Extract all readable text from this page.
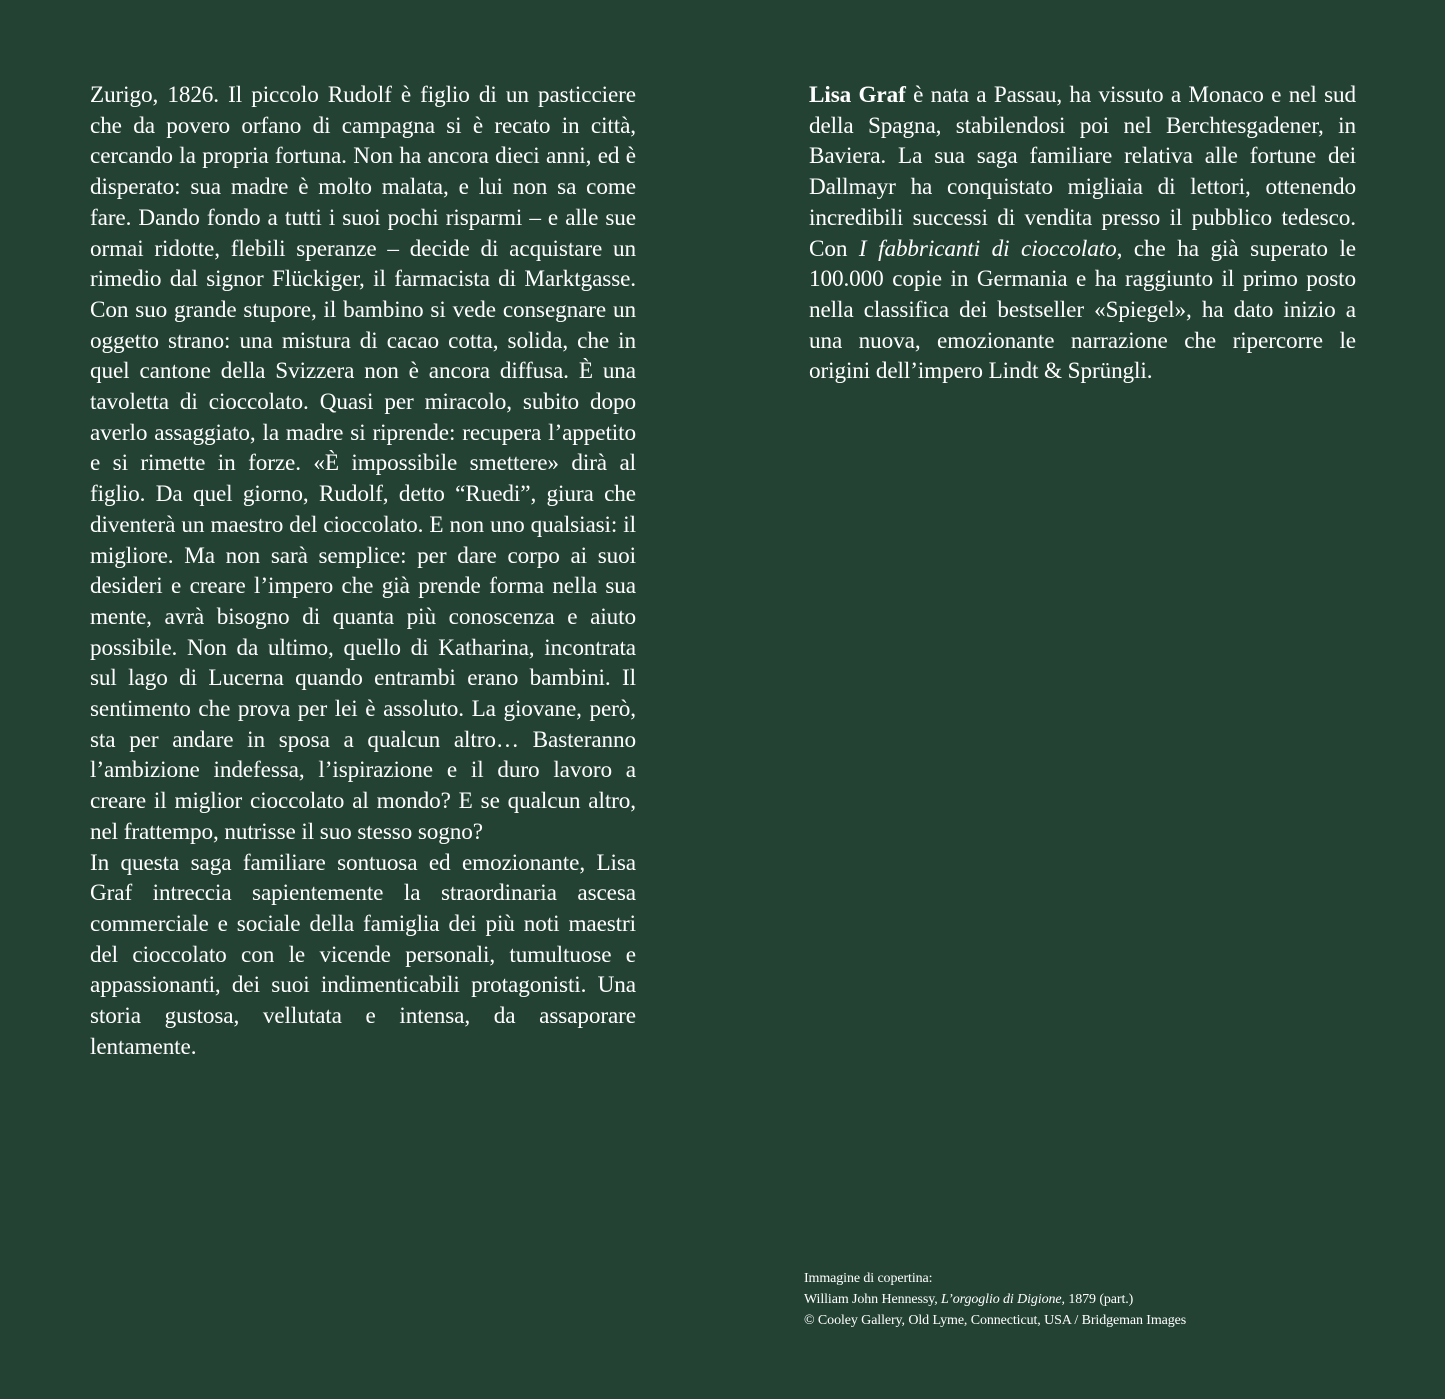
Zurigo, 1826. Il piccolo Rudolf è figlio di un pasticciere che da povero orfano di campagna si è recato in città, cercando la propria fortuna. Non ha ancora dieci anni, ed è disperato: sua madre è molto malata, e lui non sa come fare. Dando fondo a tutti i suoi pochi risparmi – e alle sue ormai ridotte, flebili speranze – decide di acquistare un rimedio dal signor Flückiger, il farmacista di Marktgasse. Con suo grande stupore, il bambino si vede consegnare un oggetto strano: una mistura di cacao cotta, solida, che in quel cantone della Svizzera non è ancora diffusa. È una tavoletta di cioccolato. Quasi per miracolo, subito dopo averlo assaggiato, la madre si riprende: recupera l’appetito e si rimette in forze. «È impossibile smettere» dirà al figlio. Da quel giorno, Rudolf, detto “Ruedi”, giura che diventerà un maestro del cioccolato. E non uno qualsiasi: il migliore. Ma non sarà semplice: per dare corpo ai suoi desideri e creare l’impero che già prende forma nella sua mente, avrà bisogno di quanta più conoscenza e aiuto possibile. Non da ultimo, quello di Katharina, incontrata sul lago di Lucerna quando entrambi erano bambini. Il sentimento che prova per lei è assoluto. La giovane, però, sta per andare in sposa a qualcun altro… Basteranno l’ambizione indefessa, l’ispirazione e il duro lavoro a creare il miglior cioccolato al mondo? E se qualcun altro, nel frattempo, nutrisse il suo stesso sogno?

In questa saga familiare sontuosa ed emozionante, Lisa Graf intreccia sapientemente la straordinaria ascesa commerciale e sociale della famiglia dei più noti maestri del cioccolato con le vicende personali, tumultuose e appassionanti, dei suoi indimenticabili protagonisti. Una storia gustosa, vellutata e intensa, da assaporare lentamente.

Lisa Graf è nata a Passau, ha vissuto a Monaco e nel sud della Spagna, stabilendosi poi nel Berchtesgadener, in Baviera. La sua saga familiare relativa alle fortune dei Dallmayr ha conquistato migliaia di lettori, ottenendo incredibili successi di vendita presso il pubblico tedesco. Con I fabbricanti di cioccolato, che ha già superato le 100.000 copie in Germania e ha raggiunto il primo posto nella classifica dei bestseller «Spiegel», ha dato inizio a una nuova, emozionante narrazione che ripercorre le origini dell’impero Lindt & Sprüngli.

Immagine di copertina:
William John Hennessy, L’orgoglio di Digione, 1879 (part.)
© Cooley Gallery, Old Lyme, Connecticut, USA / Bridgeman Images
